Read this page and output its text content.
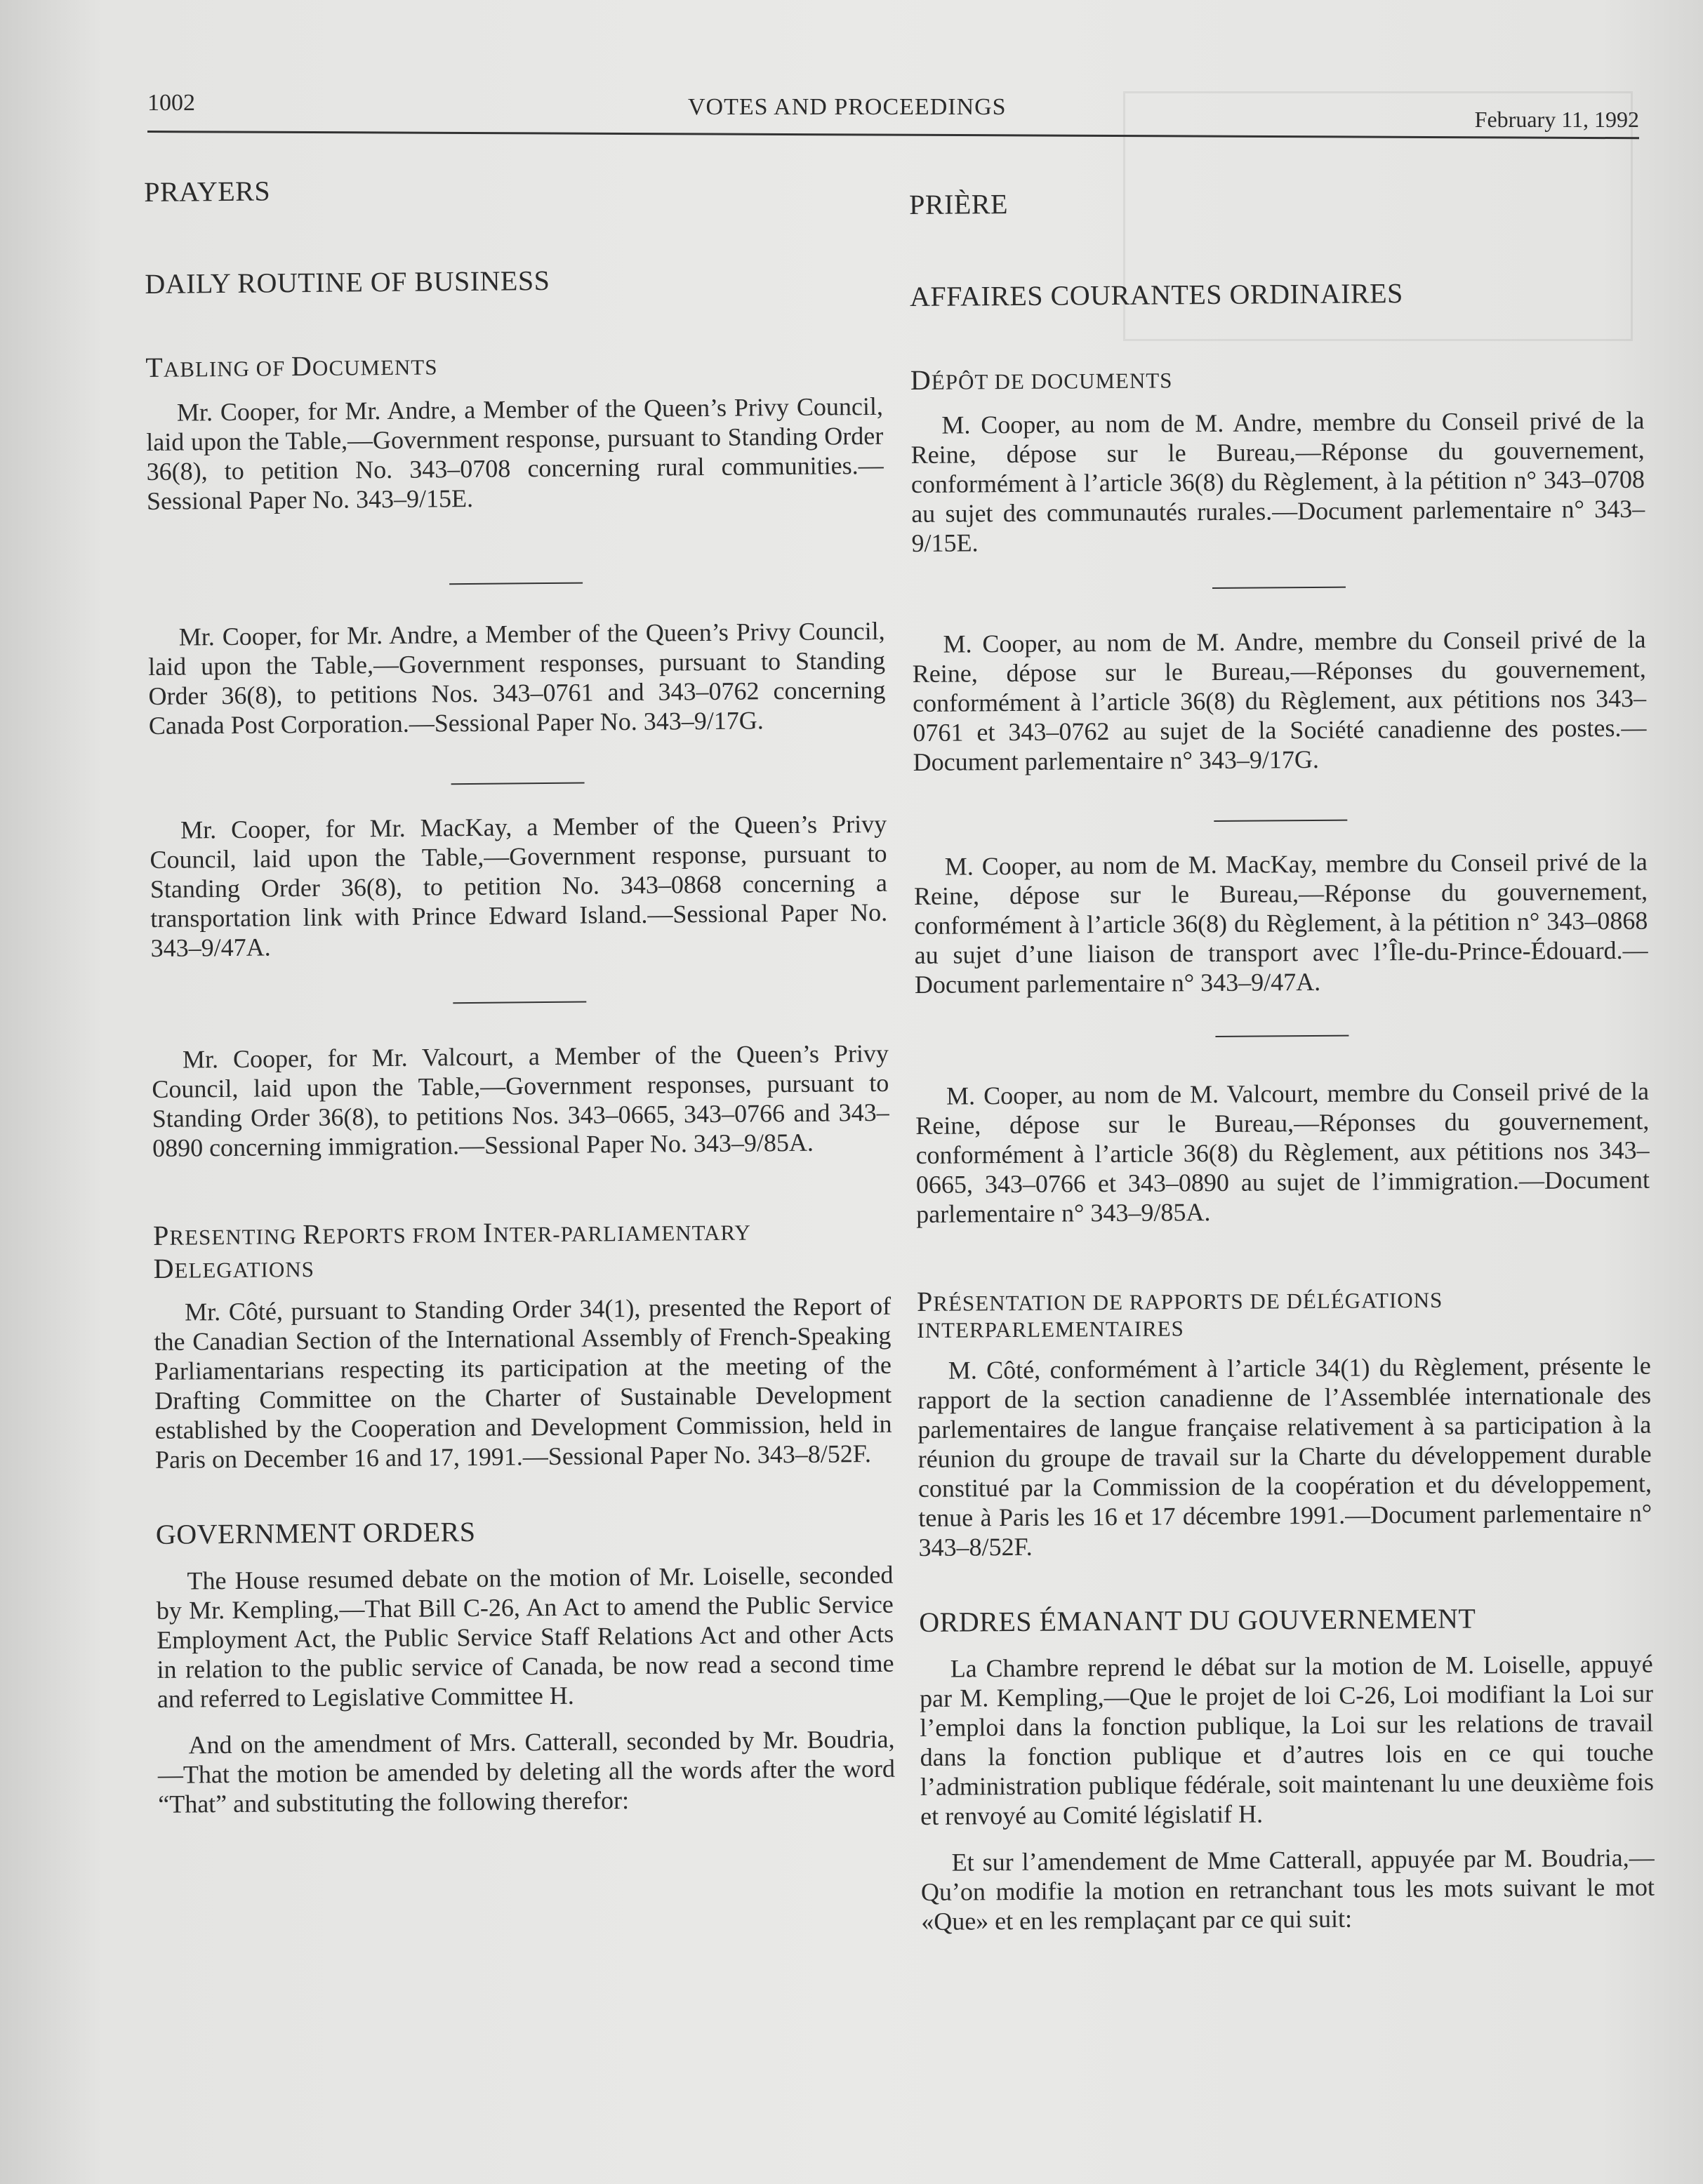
1002	VOTES AND PROCEEDINGS	February 11, 1992
PRAYERS
DAILY ROUTINE OF BUSINESS
TABLING OF DOCUMENTS

Mr. Cooper, for Mr. Andre, a Member of the Queen’s Privy Council, laid upon the Table,—Government response, pursuant to Standing Order 36(8), to petition No. 343–0708 concerning rural communities.—Sessional Paper No. 343–9/15E.

Mr. Cooper, for Mr. Andre, a Member of the Queen’s Privy Council, laid upon the Table,—Government responses, pursuant to Standing Order 36(8), to petitions Nos. 343–0761 and 343–0762 concerning Canada Post Corporation.—Sessional Paper No. 343–9/17G.

Mr. Cooper, for Mr. MacKay, a Member of the Queen’s Privy Council, laid upon the Table,—Government response, pursuant to Standing Order 36(8), to petition No. 343–0868 concerning a transportation link with Prince Edward Island.—Sessional Paper No. 343–9/47A.

Mr. Cooper, for Mr. Valcourt, a Member of the Queen’s Privy Council, laid upon the Table,—Government responses, pursuant to Standing Order 36(8), to petitions Nos. 343–0665, 343–0766 and 343–0890 concerning immigration.—Sessional Paper No. 343–9/85A.

PRESENTING REPORTS FROM INTER-PARLIAMENTARY DELEGATIONS

Mr. Côté, pursuant to Standing Order 34(1), presented the Report of the Canadian Section of the International Assembly of French-Speaking Parliamentarians respecting its participation at the meeting of the Drafting Committee on the Charter of Sustainable Development established by the Cooperation and Development Commission, held in Paris on December 16 and 17, 1991.—Sessional Paper No. 343–8/52F.

GOVERNMENT ORDERS

The House resumed debate on the motion of Mr. Loiselle, seconded by Mr. Kempling,—That Bill C-26, An Act to amend the Public Service Employment Act, the Public Service Staff Relations Act and other Acts in relation to the public service of Canada, be now read a second time and referred to Legislative Committee H.

And on the amendment of Mrs. Catterall, seconded by Mr. Boudria,—That the motion be amended by deleting all the words after the word “That” and substituting the following therefor:

PRIÈRE
AFFAIRES COURANTES ORDINAIRES
DÉPÔT DE DOCUMENTS

M. Cooper, au nom de M. Andre, membre du Conseil privé de la Reine, dépose sur le Bureau,—Réponse du gouvernement, conformément à l’article 36(8) du Règlement, à la pétition n° 343–0708 au sujet des communautés rurales.—Document parlementaire n° 343–9/15E.

M. Cooper, au nom de M. Andre, membre du Conseil privé de la Reine, dépose sur le Bureau,—Réponses du gouvernement, conformément à l’article 36(8) du Règlement, aux pétitions nos 343–0761 et 343–0762 au sujet de la Société canadienne des postes.—Document parlementaire n° 343–9/17G.

M. Cooper, au nom de M. MacKay, membre du Conseil privé de la Reine, dépose sur le Bureau,—Réponse du gouvernement, conformément à l’article 36(8) du Règlement, à la pétition n° 343–0868 au sujet d’une liaison de transport avec l’Île-du-Prince-Édouard.—Document parlementaire n° 343–9/47A.

M. Cooper, au nom de M. Valcourt, membre du Conseil privé de la Reine, dépose sur le Bureau,—Réponses du gouvernement, conformément à l’article 36(8) du Règlement, aux pétitions nos 343–0665, 343–0766 et 343–0890 au sujet de l’immigration.—Document parlementaire n° 343–9/85A.

PRÉSENTATION DE RAPPORTS DE DÉLÉGATIONS INTERPARLEMENTAIRES

M. Côté, conformément à l’article 34(1) du Règlement, présente le rapport de la section canadienne de l’Assemblée internationale des parlementaires de langue française relativement à sa participation à la réunion du groupe de travail sur la Charte du développement durable constitué par la Commission de la coopération et du développement, tenue à Paris les 16 et 17 décembre 1991.—Document parlementaire n° 343–8/52F.

ORDRES ÉMANANT DU GOUVERNEMENT

La Chambre reprend le débat sur la motion de M. Loiselle, appuyé par M. Kempling,—Que le projet de loi C-26, Loi modifiant la Loi sur l’emploi dans la fonction publique, la Loi sur les relations de travail dans la fonction publique et d’autres lois en ce qui touche l’administration publique fédérale, soit maintenant lu une deuxième fois et renvoyé au Comité législatif H.

Et sur l’amendement de Mme Catterall, appuyée par M. Boudria,—Qu’on modifie la motion en retranchant tous les mots suivant le mot «Que» et en les remplaçant par ce qui suit:
